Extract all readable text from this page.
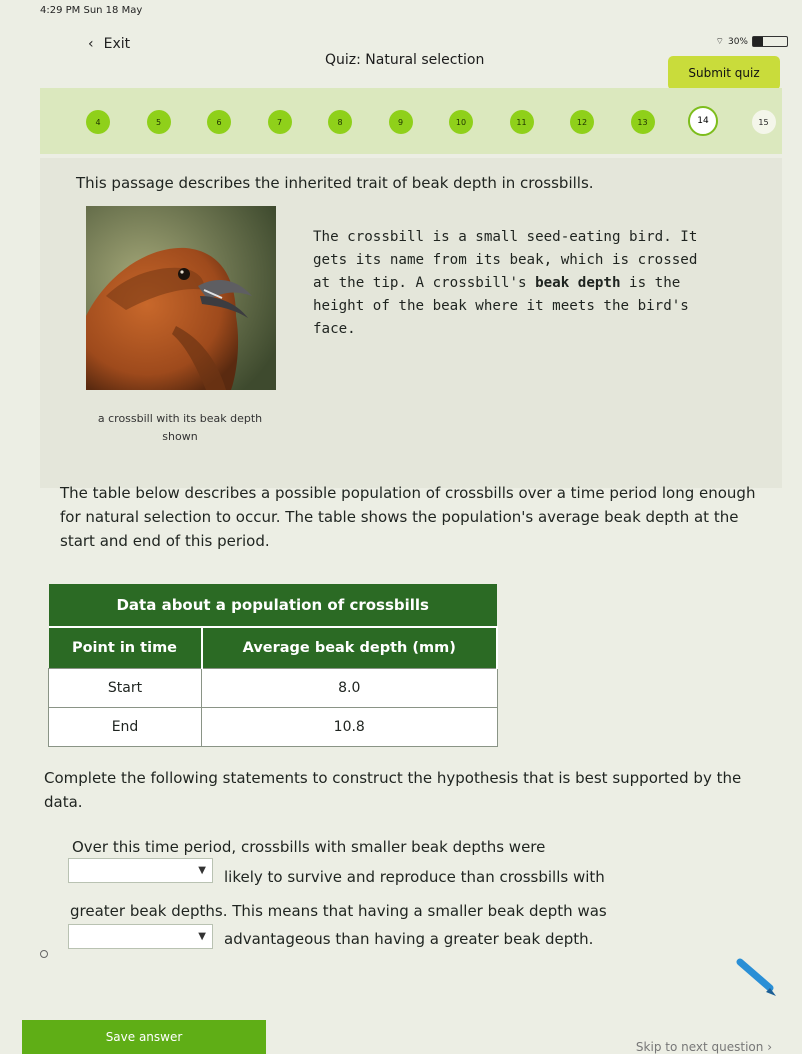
4:29 PM Sun 18 May
⌔ 30%
‹ Exit
Quiz: Natural selection
Submit quiz
4	5	6	7	8	9	10	11	12	13	14	15
This passage describes the inherited trait of beak depth in crossbills.
The crossbill is a small seed-eating bird. It gets its name from its beak, which is crossed at the tip. A crossbill's beak depth is the height of the beak where it meets the bird's face.
a crossbill with its beak depth shown
The table below describes a possible population of crossbills over a time period long enough for natural selection to occur. The table shows the population's average beak depth at the start and end of this period.
Data about a population of crossbills	
Point in time	Average beak depth (mm)
Start	8.0
End	10.8
Complete the following statements to construct the hypothesis that is best supported by the data.
Over this time period, crossbills with smaller beak depths were
▼ likely to survive and reproduce than crossbills with
greater beak depths. This means that having a smaller beak depth was
▼ advantageous than having a greater beak depth.
Save answer
Skip to next question ›
